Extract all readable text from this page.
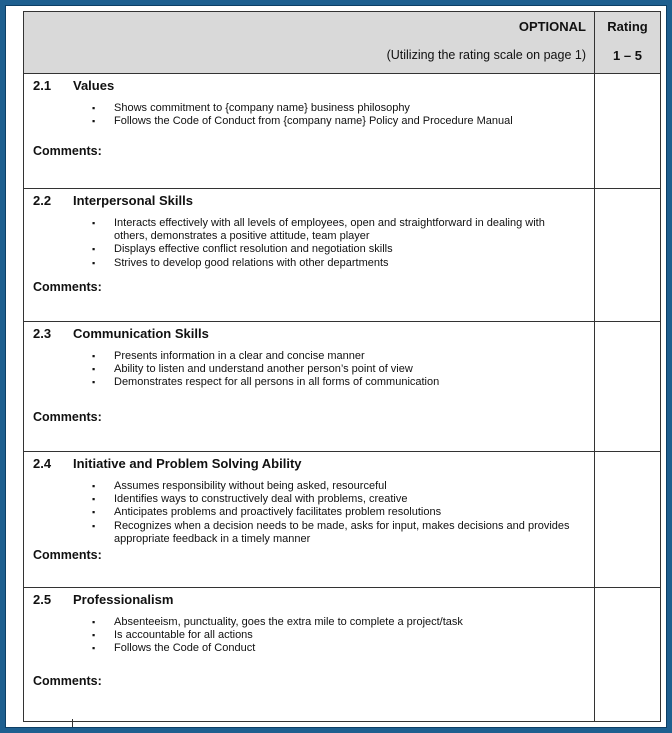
OPTIONAL
(Utilizing the rating scale on page 1)
Rating
1 – 5
2.1 Values
▪ Shows commitment to {company name} business philosophy
▪ Follows the Code of Conduct from {company name} Policy and Procedure Manual
Comments:
2.2 Interpersonal Skills
▪ Interacts effectively with all levels of employees, open and straightforward in dealing with others, demonstrates a positive attitude, team player
▪ Displays effective conflict resolution and negotiation skills
▪ Strives to develop good relations with other departments
Comments:
2.3 Communication Skills
▪ Presents information in a clear and concise manner
▪ Ability to listen and understand another person’s point of view
▪ Demonstrates respect for all persons in all forms of communication
Comments:
2.4 Initiative and Problem Solving Ability
▪ Assumes responsibility without being asked, resourceful
▪ Identifies ways to constructively deal with problems, creative
▪ Anticipates problems and proactively facilitates problem resolutions
▪ Recognizes when a decision needs to be made, asks for input, makes decisions and provides appropriate feedback in a timely manner
Comments:
2.5 Professionalism
▪ Absenteeism, punctuality, goes the extra mile to complete a project/task
▪ Is accountable for all actions
▪ Follows the Code of Conduct
Comments:
